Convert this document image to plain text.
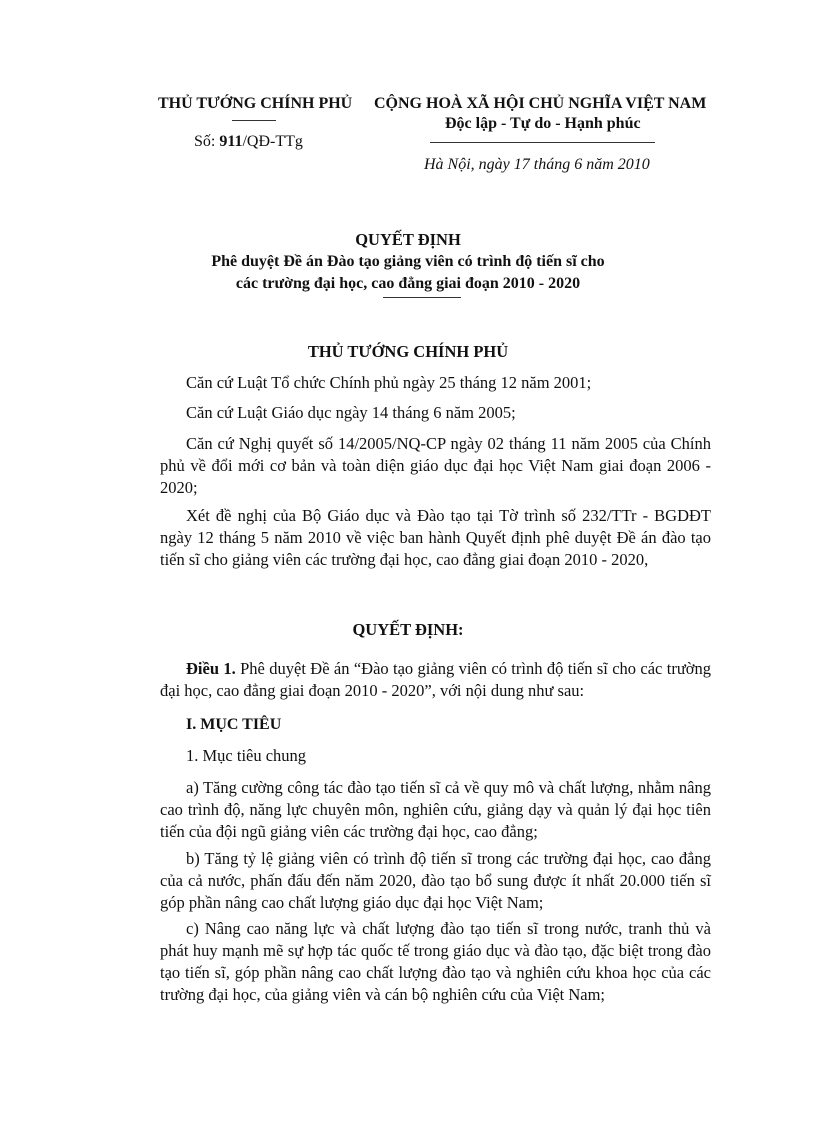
THỦ TƯỚNG CHÍNH PHỦ
Số: 911/QĐ-TTg
CỘNG HOÀ XÃ HỘI CHỦ NGHĨA VIỆT NAM
Độc lập - Tự do - Hạnh phúc
Hà Nội, ngày 17 tháng 6 năm 2010
QUYẾT ĐỊNH
Phê duyệt Đề án Đào tạo giảng viên có trình độ tiến sĩ cho
các trường đại học, cao đẳng giai đoạn 2010 - 2020
THỦ TƯỚNG CHÍNH PHỦ
Căn cứ Luật Tổ chức Chính phủ ngày 25 tháng 12 năm 2001;
Căn cứ Luật Giáo dục ngày 14 tháng 6 năm 2005;
Căn cứ Nghị quyết số 14/2005/NQ-CP ngày 02 tháng 11 năm 2005 của Chính phủ về đổi mới cơ bản và toàn diện giáo dục đại học Việt Nam giai đoạn 2006 - 2020;
Xét đề nghị của Bộ Giáo dục và Đào tạo tại Tờ trình số 232/TTr - BGDĐT ngày 12 tháng 5 năm 2010 về việc ban hành Quyết định phê duyệt Đề án đào tạo tiến sĩ cho giảng viên các trường đại học, cao đẳng giai đoạn 2010 - 2020,
QUYẾT ĐỊNH:
Điều 1. Phê duyệt Đề án “Đào tạo giảng viên có trình độ tiến sĩ cho các trường đại học, cao đẳng giai đoạn 2010 - 2020”, với nội dung như sau:
I. MỤC TIÊU
1. Mục tiêu chung
a) Tăng cường công tác đào tạo tiến sĩ cả về quy mô và chất lượng, nhằm nâng cao trình độ, năng lực chuyên môn, nghiên cứu, giảng dạy và quản lý đại học tiên tiến của đội ngũ giảng viên các trường đại học, cao đẳng;
b) Tăng tỷ lệ giảng viên có trình độ tiến sĩ trong các trường đại học, cao đẳng của cả nước, phấn đấu đến năm 2020, đào tạo bổ sung được ít nhất 20.000 tiến sĩ góp phần nâng cao chất lượng giáo dục đại học Việt Nam;
c) Nâng cao năng lực và chất lượng đào tạo tiến sĩ trong nước, tranh thủ và phát huy mạnh mẽ sự hợp tác quốc tế trong giáo dục và đào tạo, đặc biệt trong đào tạo tiến sĩ, góp phần nâng cao chất lượng đào tạo và nghiên cứu khoa học của các trường đại học, của giảng viên và cán bộ nghiên cứu của Việt Nam;
